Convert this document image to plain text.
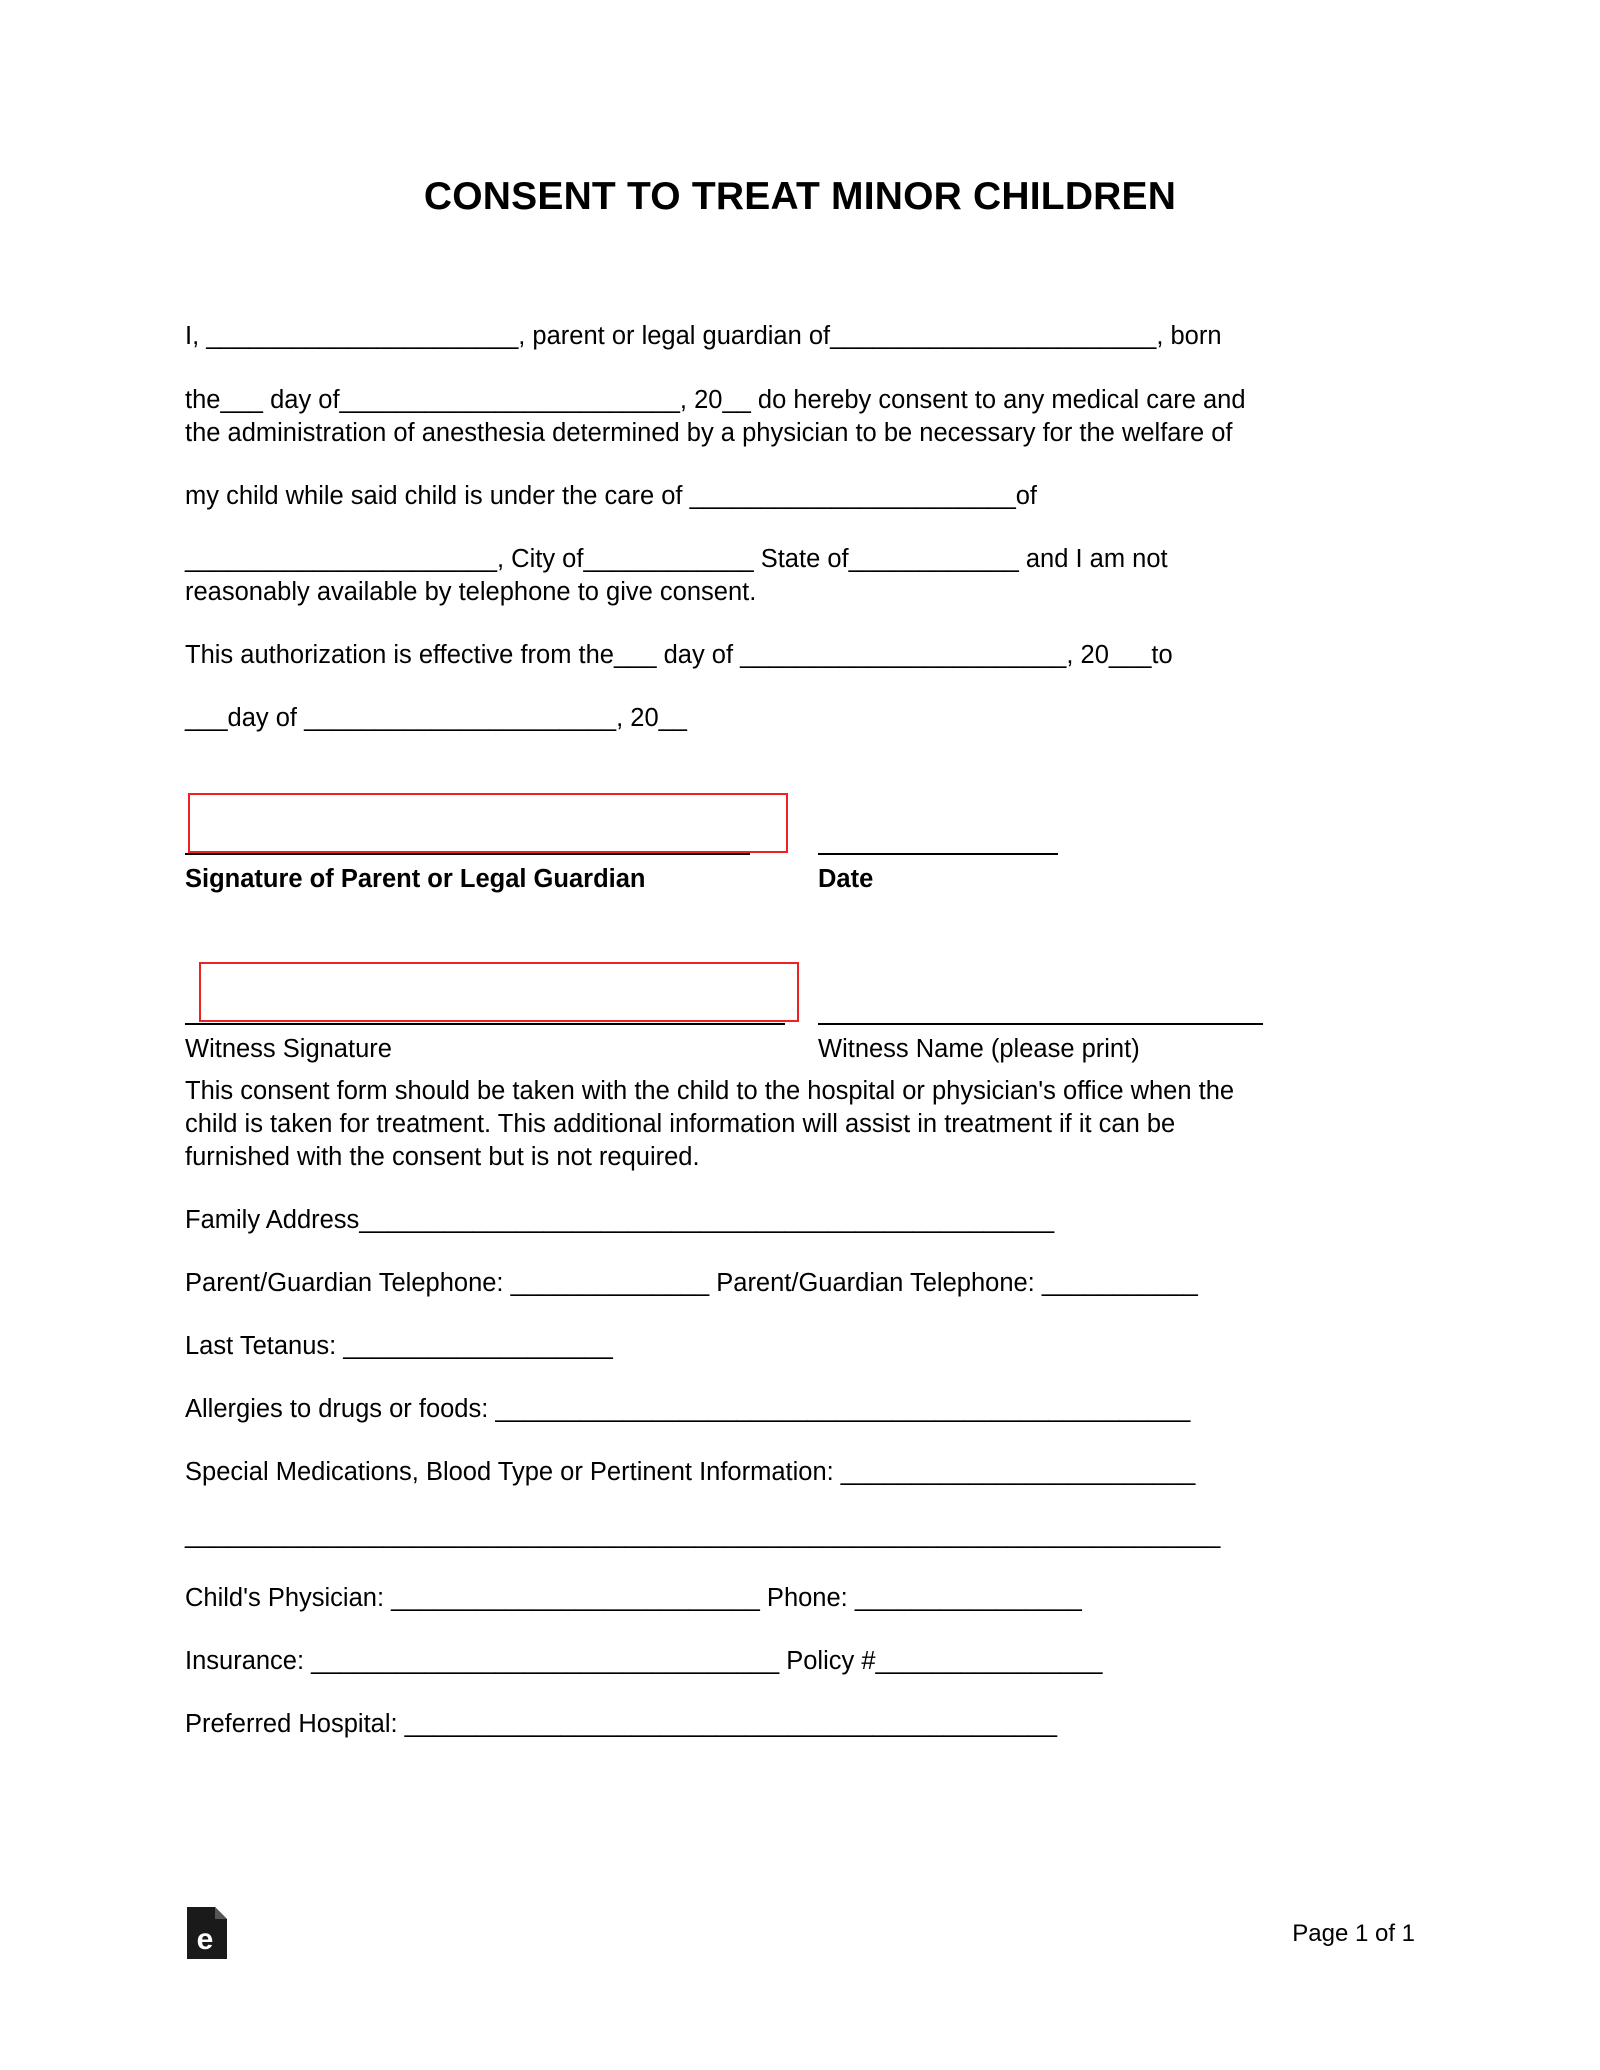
CONSENT TO TREAT MINOR CHILDREN

I, ______________________, parent or legal guardian of_______________________, born

the___ day of________________________, 20__ do hereby consent to any medical care and

the administration of anesthesia determined by a physician to be necessary for the welfare of

my child while said child is under the care of _______________________of

______________________, City of____________ State of____________ and I am not

reasonably available by telephone to give consent.

This authorization is effective from the___ day of _______________________, 20___to

___day of ______________________, 20__

Signature of Parent or Legal Guardian	Date
Witness Signature	Witness Name (please print)

This consent form should be taken with the child to the hospital or physician's office when the

child is taken for treatment. This additional information will assist in treatment if it can be

furnished with the consent but is not required.

Family Address_________________________________________________

Parent/Guardian Telephone: ______________ Parent/Guardian Telephone: ___________

Last Tetanus: ___________________

Allergies to drugs or foods: _________________________________________________

Special Medications, Blood Type or Pertinent Information: _________________________

_________________________________________________________________________

Child's Physician: __________________________ Phone: ________________

Insurance: _________________________________ Policy #________________

Preferred Hospital: ______________________________________________

e	Page 1 of 1
